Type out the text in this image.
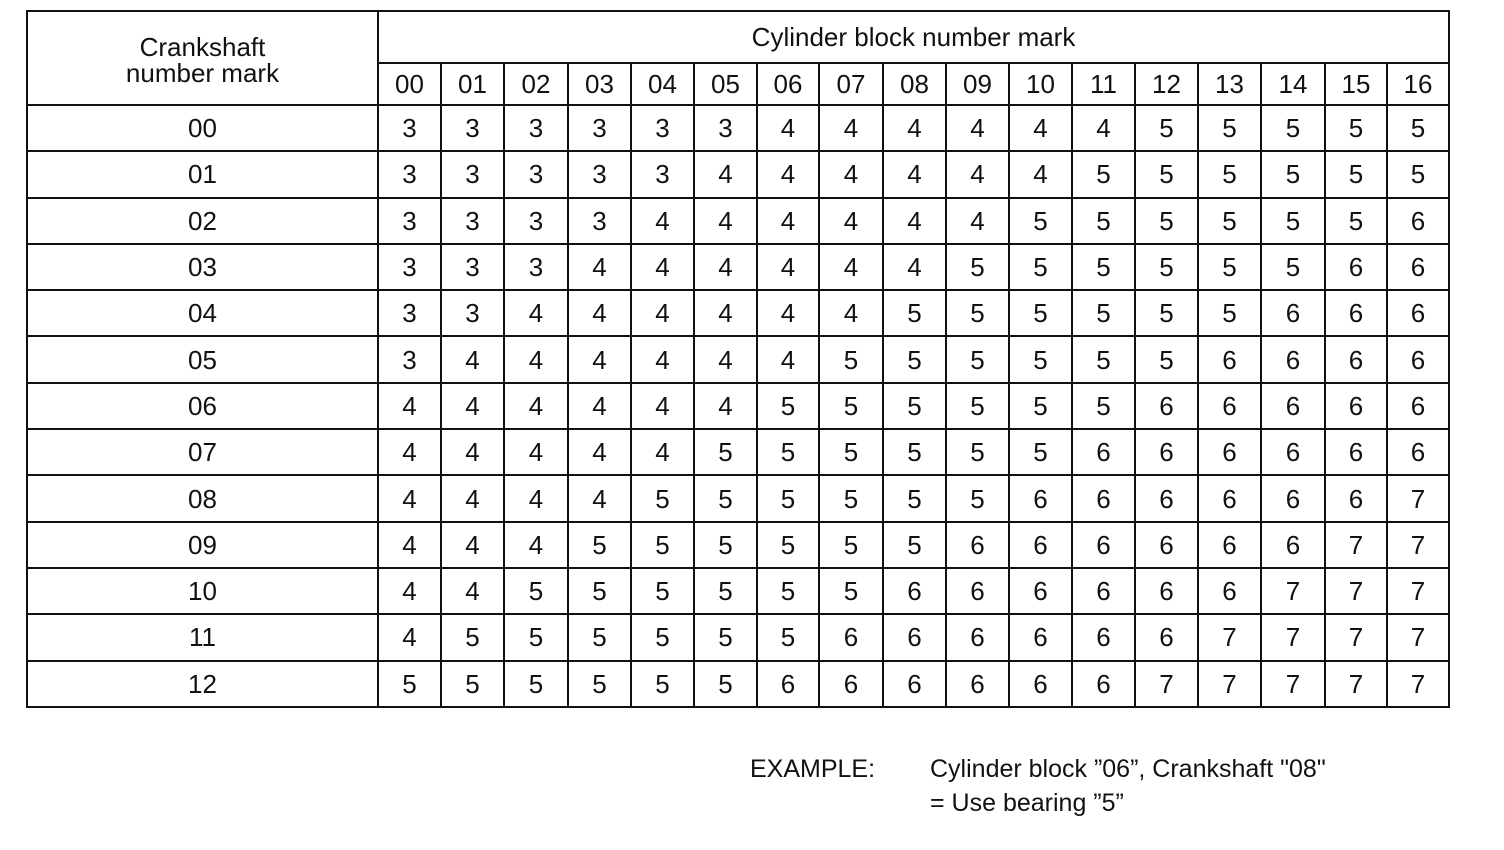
Crankshaft
number mark	Cylinder block number mark																
	00	01	02	03	04	05	06	07	08	09	10	11	12	13	14	15	16
00	3	3	3	3	3	3	4	4	4	4	4	4	5	5	5	5	5
01	3	3	3	3	3	4	4	4	4	4	4	5	5	5	5	5	5
02	3	3	3	3	4	4	4	4	4	4	5	5	5	5	5	5	6
03	3	3	3	4	4	4	4	4	4	5	5	5	5	5	5	6	6
04	3	3	4	4	4	4	4	4	5	5	5	5	5	5	6	6	6
05	3	4	4	4	4	4	4	5	5	5	5	5	5	6	6	6	6
06	4	4	4	4	4	4	5	5	5	5	5	5	6	6	6	6	6
07	4	4	4	4	4	5	5	5	5	5	5	6	6	6	6	6	6
08	4	4	4	4	5	5	5	5	5	5	6	6	6	6	6	6	7
09	4	4	4	5	5	5	5	5	5	6	6	6	6	6	6	7	7
10	4	4	5	5	5	5	5	5	6	6	6	6	6	6	7	7	7
11	4	5	5	5	5	5	5	6	6	6	6	6	6	7	7	7	7
12	5	5	5	5	5	5	6	6	6	6	6	6	7	7	7	7	7
EXAMPLE: Cylinder block ”06”, Crankshaft "08"
= Use bearing ”5”
